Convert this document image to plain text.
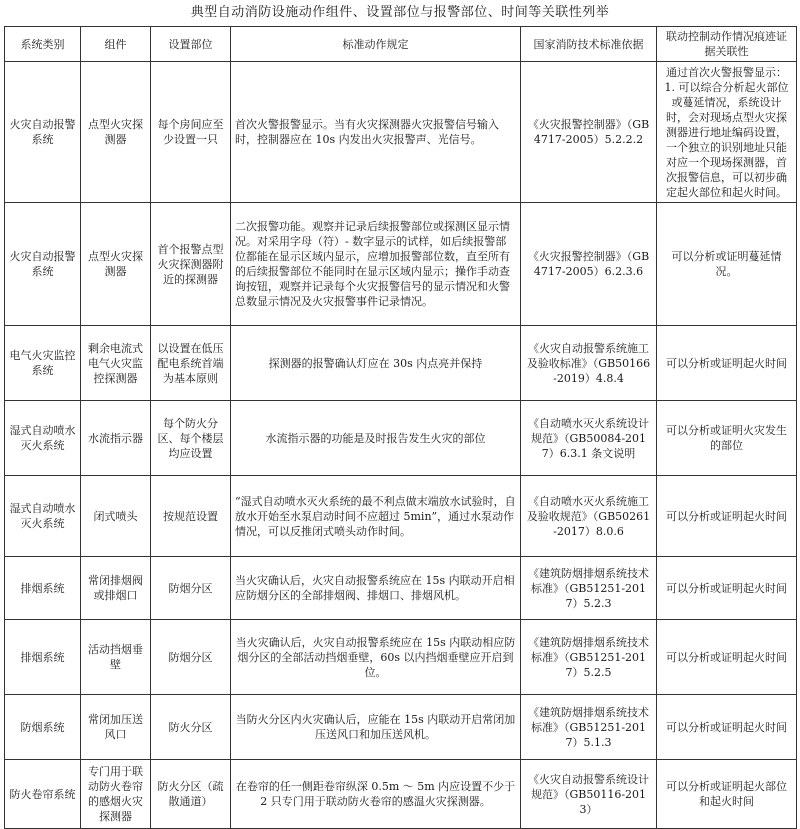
典型自动消防设施动作组件、设置部位与报警部位、时间等关联性列举
系统类别	组件	设置部位	标准动作规定	国家消防技术标准依据	联动控制动作情况痕迹证据关联性
火灾自动报警系统	点型火灾探测器	每个房间应至少设置一只	首次火警报警显示。当有火灾探测器火灾报警信号输入时，控制器应在 10s 内发出火灾报警声、光信号。	《火灾报警控制器》（GB4717-2005）5.2.2.2	通过首次火警报警显示：1. 可以综合分析起火部位或蔓延情况，系统设计时，会对现场点型火灾探测器进行地址编码设置，一个独立的识别地址只能对应一个现场探测器，首次报警信息，可以初步确定起火部位和起火时间。
火灾自动报警系统	点型火灾探测器	首个报警点型火灾探测器附近的探测器	二次报警功能。观察并记录后续报警部位或探测区显示情况。对采用字母（符）- 数字显示的试样，如后续报警部位都能在显示区域内显示，应增加报警部位数，直至所有的后续报警部位不能同时在显示区域内显示；操作手动查询按钮，观察并记录每个火灾报警信号的显示情况和火警总数显示情况及火灾报警事件记录情况。	《火灾报警控制器》（GB4717-2005）6.2.3.6	可以分析或证明蔓延情况。
电气火灾监控系统	剩余电流式电气火灾监控探测器	以设置在低压配电系统首端为基本原则	探测器的报警确认灯应在 30s 内点亮并保持	《火灾自动报警系统施工及验收标准》（GB50166-2019）4.8.4	可以分析或证明起火时间
湿式自动喷水灭火系统	水流指示器	每个防火分区、每个楼层均应设置	水流指示器的功能是及时报告发生火灾的部位	《自动喷水灭火系统设计规范》（GB50084-2017）6.3.1 条文说明	可以分析或证明火灾发生的部位
湿式自动喷水灭火系统	闭式喷头	按规范设置	“湿式自动喷水灭火系统的最不利点做末端放水试验时，自放水开始至水泵启动时间不应超过 5min”，通过水泵动作情况，可以反推闭式喷头动作时间。	《自动喷水灭火系统施工及验收规范》（GB50261-2017）8.0.6	可以分析或证明起火时间
排烟系统	常闭排烟阀或排烟口	防烟分区	当火灾确认后，火灾自动报警系统应在 15s 内联动开启相应防烟分区的全部排烟阀、排烟口、排烟风机。	《建筑防烟排烟系统技术标准》（GB51251-2017）5.2.3	可以分析或证明起火时间
排烟系统	活动挡烟垂壁	防烟分区	当火灾确认后，火灾自动报警系统应在 15s 内联动相应防烟分区的全部活动挡烟垂壁，60s 以内挡烟垂壁应开启到位。	《建筑防烟排烟系统技术标准》（GB51251-2017）5.2.5	可以分析或证明起火时间
防烟系统	常闭加压送风口	防火分区	当防火分区内火灾确认后，应能在 15s 内联动开启常闭加压送风口和加压送风机。	《建筑防烟排烟系统技术标准》（GB51251-2017）5.1.3	可以分析或证明起火时间
防火卷帘系统	专门用于联动防火卷帘的感烟火灾探测器	防火分区（疏散通道）	在卷帘的任一侧距卷帘纵深 0.5m ～ 5m 内应设置不少于 2 只专门用于联动防火卷帘的感温火灾探测器。	《火灾自动报警系统设计规范》（GB50116-2013）	可以分析或证明起火部位和起火时间
